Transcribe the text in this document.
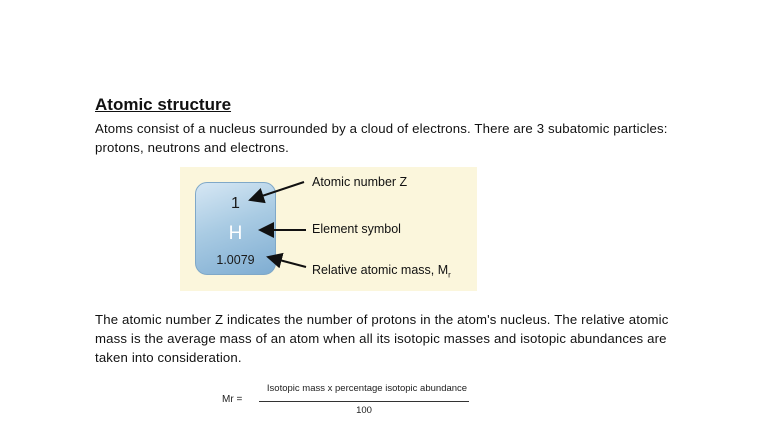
Atomic structure

Atoms consist of a nucleus surrounded by a cloud of electrons. There are 3 subatomic particles: protons, neutrons and electrons.

1
H
1.0079
Atomic number Z
Element symbol
Relative atomic mass, $M_r$

The atomic number Z indicates the number of protons in the atom's nucleus. The relative atomic mass is the average mass of an atom when all its isotopic masses and isotopic abundances are taken into consideration.

Mr =
Isotopic mass x percentage isotopic abundance
100
